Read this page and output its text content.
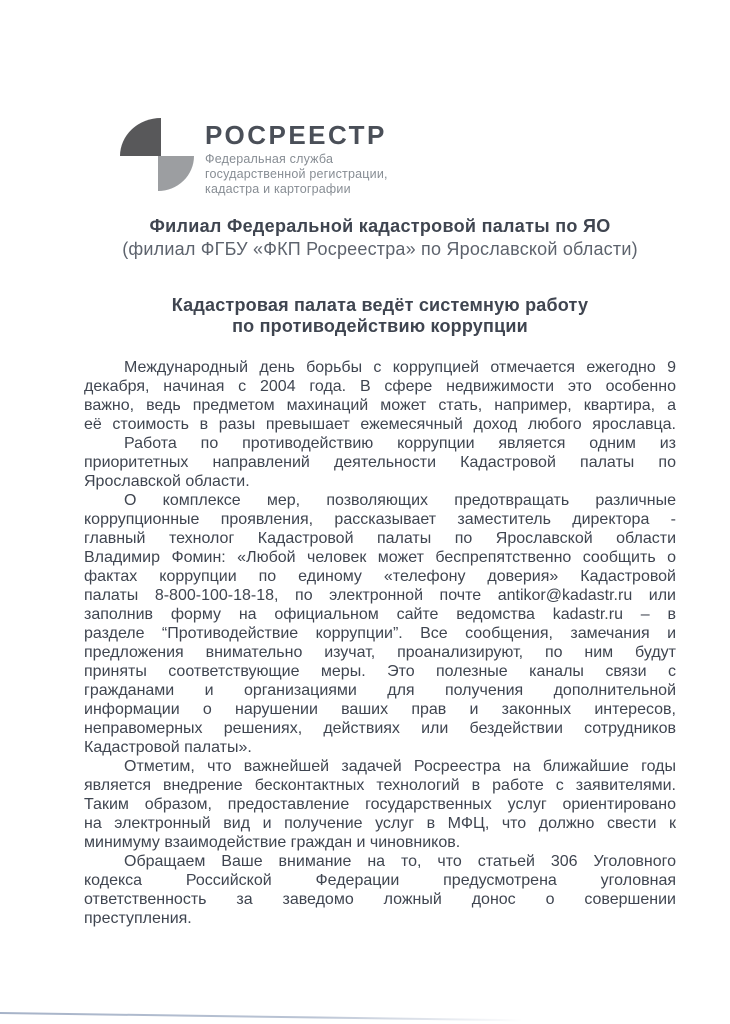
РОСРЕЕСТР
Федеральная служба
государственной регистрации,
кадастра и картографии
Филиал Федеральной кадастровой палаты по ЯО
(филиал ФГБУ «ФКП Росреестра» по Ярославской области)
Кадастровая палата ведёт системную работу
по противодействию коррупции
Международный день борьбы с коррупцией отмечается ежегодно 9
декабря, начиная с 2004 года. В сфере недвижимости это особенно
важно, ведь предметом махинаций может стать, например, квартира, а
её стоимость в разы превышает ежемесячный доход любого ярославца.
Работа по противодействию коррупции является одним из
приоритетных направлений деятельности Кадастровой палаты по
Ярославской области.
О комплексе мер, позволяющих предотвращать различные
коррупционные проявления, рассказывает заместитель директора -
главный технолог Кадастровой палаты по Ярославской области
Владимир Фомин: «Любой человек может беспрепятственно сообщить о
фактах коррупции по единому «телефону доверия» Кадастровой
палаты 8-800-100-18-18, по электронной почте antikor@kadastr.ru или
заполнив форму на официальном сайте ведомства kadastr.ru – в
разделе “Противодействие коррупции”. Все сообщения, замечания и
предложения внимательно изучат, проанализируют, по ним будут
приняты соответствующие меры. Это полезные каналы связи с
гражданами и организациями для получения дополнительной
информации о нарушении ваших прав и законных интересов,
неправомерных решениях, действиях или бездействии сотрудников
Кадастровой палаты».
Отметим, что важнейшей задачей Росреестра на ближайшие годы
является внедрение бесконтактных технологий в работе с заявителями.
Таким образом, предоставление государственных услуг ориентировано
на электронный вид и получение услуг в МФЦ, что должно свести к
минимуму взаимодействие граждан и чиновников.
Обращаем Ваше внимание на то, что статьей 306 Уголовного
кодекса Российской Федерации предусмотрена уголовная
ответственность за заведомо ложный донос о совершении
преступления.
